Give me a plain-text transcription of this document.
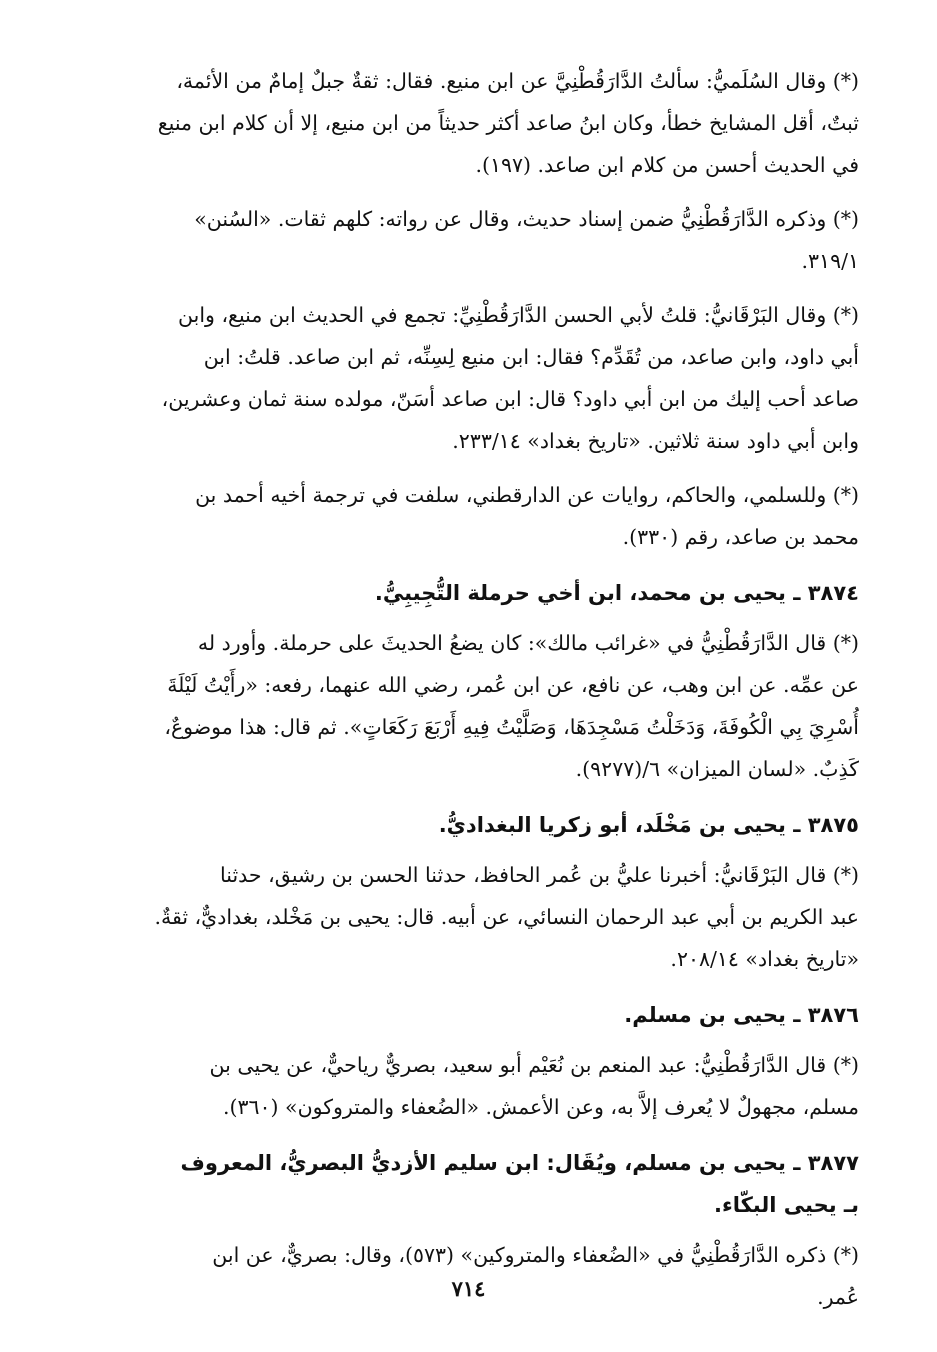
(*) وقال السُلَميُّ: سألتُ الدَّارَقُطْنِيَّ عن ابن منيع. فقال: ثقةٌ جبلٌ إمامٌ من الأئمة،
ثبتٌ، أقل المشايخ خطأ، وكان ابنُ صاعد أكثر حديثاً من ابن منيع، إلا أن كلام ابن منيع
في الحديث أحسن من كلام ابن صاعد. (١٩٧).
(*) وذكره الدَّارَقُطْنِيُّ ضمن إسناد حديث، وقال عن رواته: كلهم ثقات. «السُنن»
٣١٩/١.
(*) وقال البَرْقَانيُّ: قلتُ لأبي الحسن الدَّارَقُطْنِيِّ: تجمع في الحديث ابن منيع، وابن
أبي داود، وابن صاعد، من تُقَدِّم؟ فقال: ابن منيع لِسِنِّه، ثم ابن صاعد. قلتُ: ابن
صاعد أحب إليك من ابن أبي داود؟ قال: ابن صاعد أسَنّ، مولده سنة ثمان وعشرين،
وابن أبي داود سنة ثلاثين. «تاريخ بغداد» ٢٣٣/١٤.
(*) وللسلمي، والحاكم، روايات عن الدارقطني، سلفت في ترجمة أخيه أحمد بن
محمد بن صاعد، رقم (٣٣٠).
٣٨٧٤ ـ يحيى بن محمد، ابن أخي حرملة التُّجِيبِيُّ.
(*) قال الدَّارَقُطْنِيُّ في «غرائب مالك»: كان يضعُ الحديثَ على حرملة. وأورد له
عن عمِّه. عن ابن وهب، عن نافع، عن ابن عُمر، رضي الله عنهما، رفعه: «رأَيْتُ لَيْلَةَ
أُسْرِيَ بِي الْكُوفَةَ، وَدَخَلْتُ مَسْجِدَهَا، وَصَلَّيْتُ فِيهِ أَرْبَعَ رَكَعَاتٍ». ثم قال: هذا موضوعٌ،
كَذِبٌ. «لسان الميزان» ٦/(٩٢٧٧).
٣٨٧٥ ـ يحيى بن مَخْلَد، أبو زكريا البغداديُّ.
(*) قال البَرْقَانيُّ: أخبرنا عليُّ بن عُمر الحافظ، حدثنا الحسن بن رشيق، حدثنا
عبد الكريم بن أبي عبد الرحمان النسائي، عن أبيه. قال: يحيى بن مَخْلد، بغداديٌّ، ثقةٌ.
«تاريخ بغداد» ٢٠٨/١٤.
٣٨٧٦ ـ يحيى بن مسلم.
(*) قال الدَّارَقُطْنِيُّ: عبد المنعم بن نُعَيْم أبو سعيد، بصريٌّ رياحيٌّ، عن يحيى بن
مسلم، مجهولٌ لا يُعرف إلاَّ به، وعن الأعمش. «الضُعفاء والمتروكون» (٣٦٠).
٣٨٧٧ ـ يحيى بن مسلم، ويُقَال: ابن سليم الأزديُّ البصريُّ، المعروف
بـ يحيى البكّاء.
(*) ذكره الدَّارَقُطْنِيُّ في «الضُعفاء والمتروكين» (٥٧٣)، وقال: بصريٌّ، عن ابن
عُمر.
٧١٤
